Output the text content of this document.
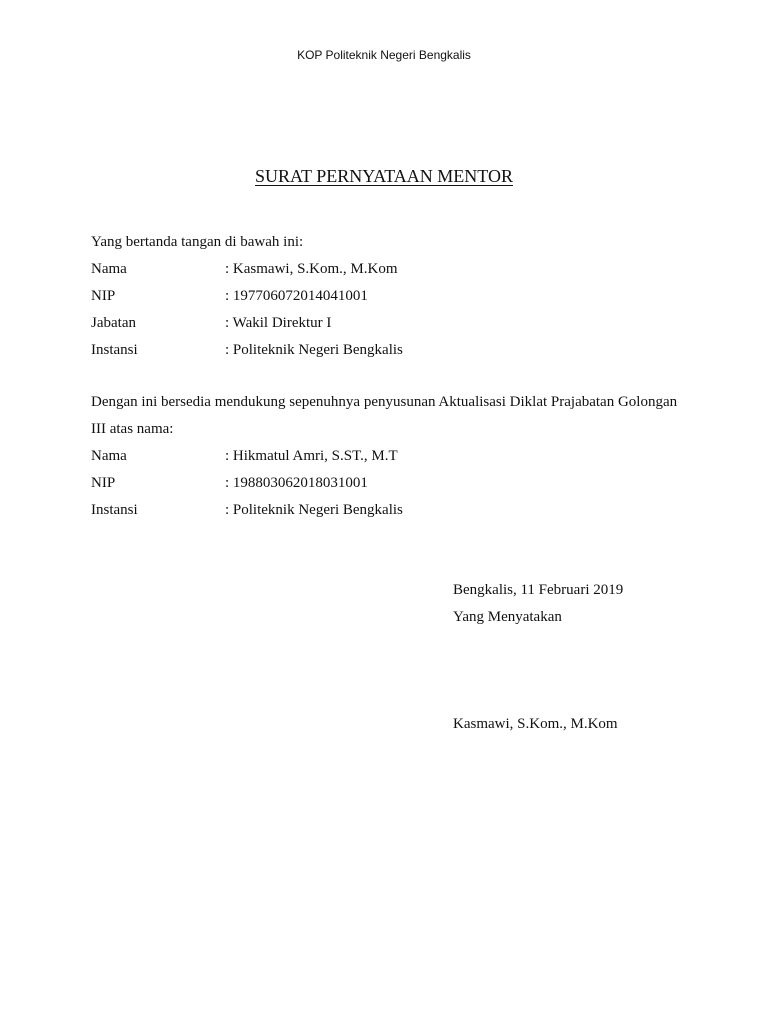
KOP Politeknik Negeri Bengkalis
SURAT PERNYATAAN MENTOR
Yang bertanda tangan di bawah ini:
Nama	: Kasmawi, S.Kom., M.Kom
NIP	: 197706072014041001
Jabatan	: Wakil Direktur I
Instansi	: Politeknik Negeri Bengkalis
Dengan ini bersedia mendukung sepenuhnya penyusunan Aktualisasi Diklat Prajabatan Golongan
III atas nama:
Nama	: Hikmatul Amri, S.ST., M.T
NIP	: 198803062018031001
Instansi	: Politeknik Negeri Bengkalis
Bengkalis, 11 Februari 2019
Yang Menyatakan
Kasmawi, S.Kom., M.Kom
